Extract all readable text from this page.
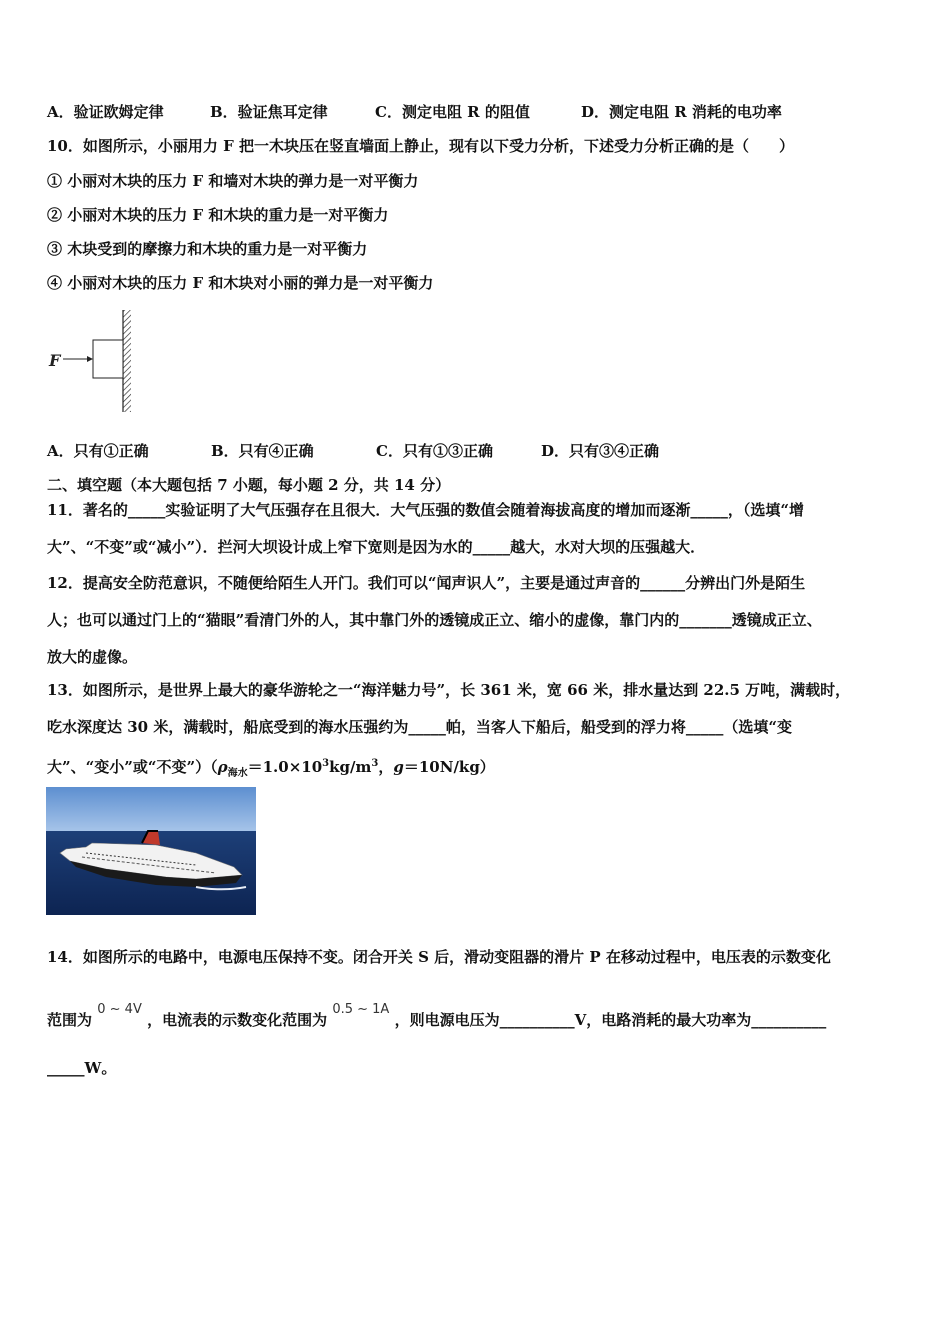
A．验证欧姆定律	B．验证焦耳定律	C．测定电阻 R 的阻值	D．测定电阻 R 消耗的电功率
10．如图所示，小丽用力 F 把一木块压在竖直墙面上静止，现有以下受力分析，下述受力分析正确的是（　　）
① 小丽对木块的压力 F 和墙对木块的弹力是一对平衡力
② 小丽对木块的压力 F 和木块的重力是一对平衡力
③ 木块受到的摩擦力和木块的重力是一对平衡力
④ 小丽对木块的压力 F 和木块对小丽的弹力是一对平衡力
F
A．只有①正确	B．只有④正确	C．只有①③正确	D．只有③④正确
二、填空题（本大题包括 7 小题，每小题 2 分，共 14 分）
11．著名的_____实验证明了大气压强存在且很大．大气压强的数值会随着海拔高度的增加而逐渐_____，（选填“增
大”、“不变”或“减小”）．拦河大坝设计成上窄下宽则是因为水的_____越大，水对大坝的压强越大．
12．提高安全防范意识，不随便给陌生人开门。我们可以“闻声识人”，主要是通过声音的______分辨出门外是陌生
人；也可以通过门上的“猫眼”看清门外的人，其中靠门外的透镜成正立、缩小的虚像，靠门内的_______透镜成正立、
放大的虚像。
13．如图所示，是世界上最大的豪华游轮之一“海洋魅力号”，长 361 米，宽 66 米，排水量达到 22.5 万吨，满载时，
吃水深度达 30 米，满载时，船底受到的海水压强约为_____帕，当客人下船后，船受到的浮力将_____（选填“变
大”、“变小”或“不变$”)(\rho_{海水}=1.0\times 10^3kg/m^3$，g＝10N/kg）
14．如图所示的电路中，电源电压保持不变。闭合开关 S 后，滑动变阻器的滑片 P 在移动过程中，电压表的示数变化
范围为 0 ~ 4V ，电流表的示数变化范围为 0.5 ~ 1A ，则电源电压为__________V，电路消耗的最大功率为__________
_____W。
